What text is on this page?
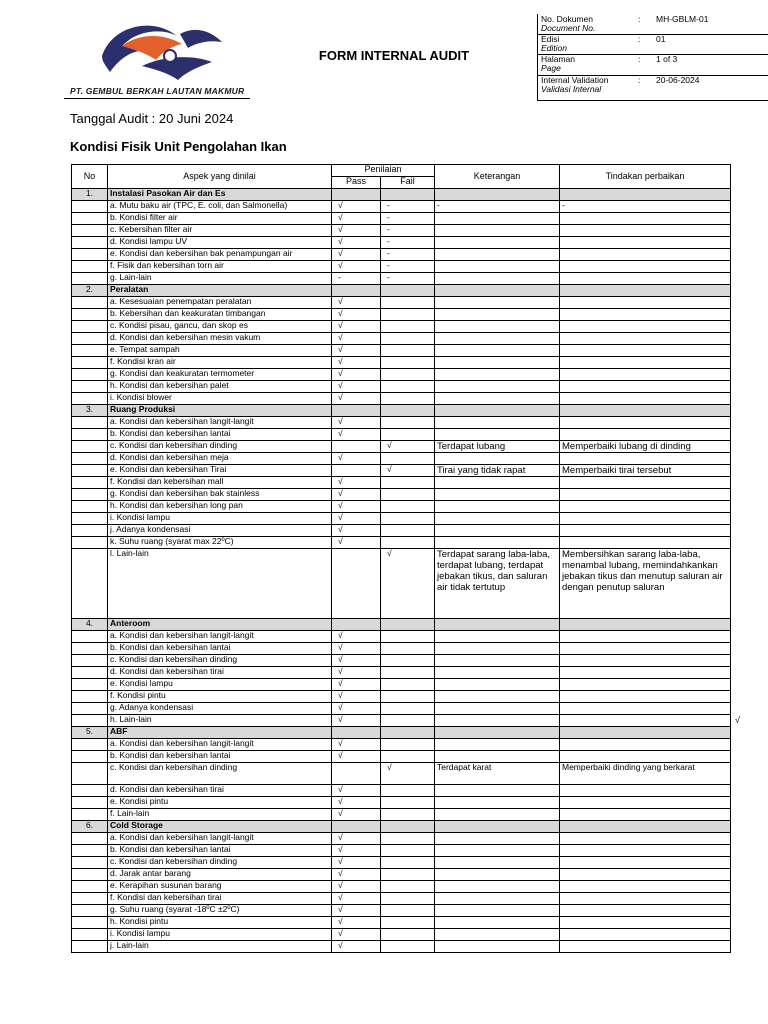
PT. GEMBUL BERKAH LAUTAN MAKMUR
FORM INTERNAL AUDIT
No. Dokumen
Document No.
: MH-GBLM-01
Edisi
Edition
: 01
Halaman
Page
: 1 of 3
Internal Validation
Validasi Internal
: 20-06-2024
Tanggal Audit : 20 Juni 2024
Kondisi Fisik Unit Pengolahan Ikan
No	Aspek yang dinilai	Penilaian		Keterangan	Tindakan perbaikan
		Pass	Fail		
1.	Instalasi Pasokan Air dan Es				
	a. Mutu baku air (TPC, E. coli, dan Salmonella)	√	-	-	-
	b. Kondisi filter air	√	-		
	c. Kebersihan filter air	√	-		
	d. Kondisi lampu UV	√	-		
	e. Kondisi dan kebersihan bak penampungan air	√	-		
	f. Fisik dan kebersihan torn air	√	-		
	g. Lain-lain	-	-		
2.	Peralatan				
	a. Kesesuaian penempatan peralatan	√			
	b. Kebersihan dan keakuratan timbangan	√			
	c. Kondisi pisau, gancu, dan skop es	√			
	d. Kondisi dan kebersihan mesin vakum	√			
	e. Tempat sampah	√			
	f. Kondisi kran air	√			
	g. Kondisi dan keakuratan termometer	√			
	h. Kondisi dan kebersihan palet	√			
	i. Kondisi blower	√			
3.	Ruang Produksi				
	a. Kondisi dan kebersihan langit-langit	√			
	b. Kondisi dan kebersihan lantai	√			
	c. Kondisi dan kebersihan dinding		√	Terdapat lubang	Memperbaiki lubang di dinding
	d. Kondisi dan kebersihan meja	√			
	e. Kondisi dan kebersihan Tirai		√	Tirai yang tidak rapat	Memperbaiki tirai tersebut
	f. Kondisi dan kebersihan mall	√			
	g. Kondisi dan kebersihan bak stainless	√			
	h. Kondisi dan kebersihan long pan	√			
	i. Kondisi lampu	√			
	j. Adanya kondensasi	√			
	k. Suhu ruang (syarat max 22ºC)	√			
	l. Lain-lain		√	Terdapat sarang laba-laba, terdapat lubang, terdapat jebakan tikus, dan saluran air tidak tertutup	Membersihkan sarang laba-laba, menambal lubang, memindahkankan jebakan tikus dan menutup saluran air dengan penutup saluran
4.	Anteroom				
	a. Kondisi dan kebersihan langit-langit	√			
	b. Kondisi dan kebersihan lantai	√			
	c. Kondisi dan kebersihan dinding	√			
	d. Kondisi dan kebersihan tirai	√			
	e. Kondisi lampu	√			
	f. Kondisi pintu	√			
	g. Adanya kondensasi	√			
	h. Lain-lain	√			
5.	ABF				
	a. Kondisi dan kebersihan langit-langit	√			
	b. Kondisi dan kebersihan lantai	√			
	c. Kondisi dan kebersihan dinding		√	Terdapat karat	Memperbaiki dinding yang berkarat
	d. Kondisi dan kebersihan tirai	√			
	e. Kondisi pintu	√			
	f. Lain-lain	√			
6.	Cold Storage				
	a. Kondisi dan kebersihan langit-langit	√			
	b. Kondisi dan kebersihan lantai	√			
	c. Kondisi dan kebersihan dinding	√			
	d. Jarak antar barang	√			
	e. Kerapihan susunan barang	√			
	f. Kondisi dan kebersihan tirai	√			
	g. Suhu ruang (syarat -18ºC ±2ºC)	√			
	h. Kondisi pintu	√			
	i. Kondisi lampu	√			
	j. Lain-lain	√			
√
